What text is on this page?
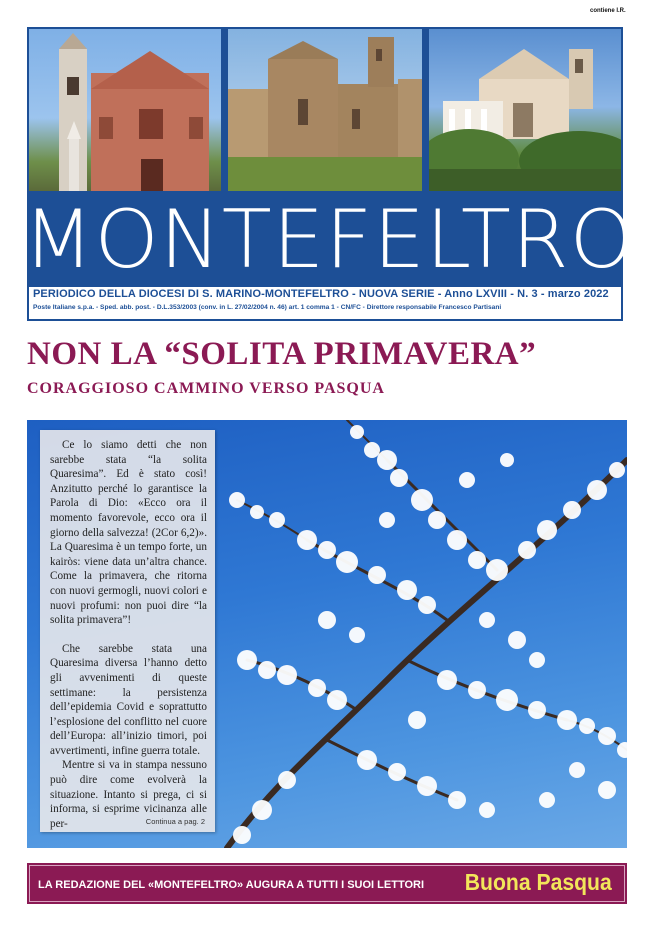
contiene I.R.
MONTEFELTRO
PERIODICO DELLA DIOCESI DI S. MARINO-MONTEFELTRO - NUOVA SERIE - Anno LXVIII - N. 3 - marzo 2022
Poste Italiane s.p.a. - Sped. abb. post. - D.L.353/2003 (conv. in L. 27/02/2004 n. 46) art. 1 comma 1 - CN/FC - Direttore responsabile Francesco Partisani
NON LA “SOLITA PRIMAVERA”
CORAGGIOSO CAMMINO VERSO PASQUA

Ce lo siamo detti che non sarebbe stata “la solita Quaresima”. Ed è stato così! Anzitutto perché lo garantisce la Parola di Dio: «Ecco ora il momento favorevole, ecco ora il giorno della salvezza! (2Cor 6,2)». La Quaresima è un tempo forte, un kairòs: viene data un’altra chance. Come la primavera, che ritorna con nuovi germogli, nuovi colori e nuovi profumi: non puoi dire “la solita primavera”!

Che sarebbe stata una Quaresima diversa l’hanno detto gli avvenimenti di queste settimane: la persistenza dell’epidemia Covid e soprattutto l’esplosione del conflitto nel cuore dell’Europa: all’inizio timori, poi avvertimenti, infine guerra totale.

Mentre si va in stampa nessuno può dire come evolverà la situazione. Intanto si prega, ci si informa, si esprime vicinanza alle per-	Continua a pag. 2
LA REDAZIONE DEL «MONTEFELTRO» AUGURA A TUTTI I SUOI LETTORI Buona Pasqua
